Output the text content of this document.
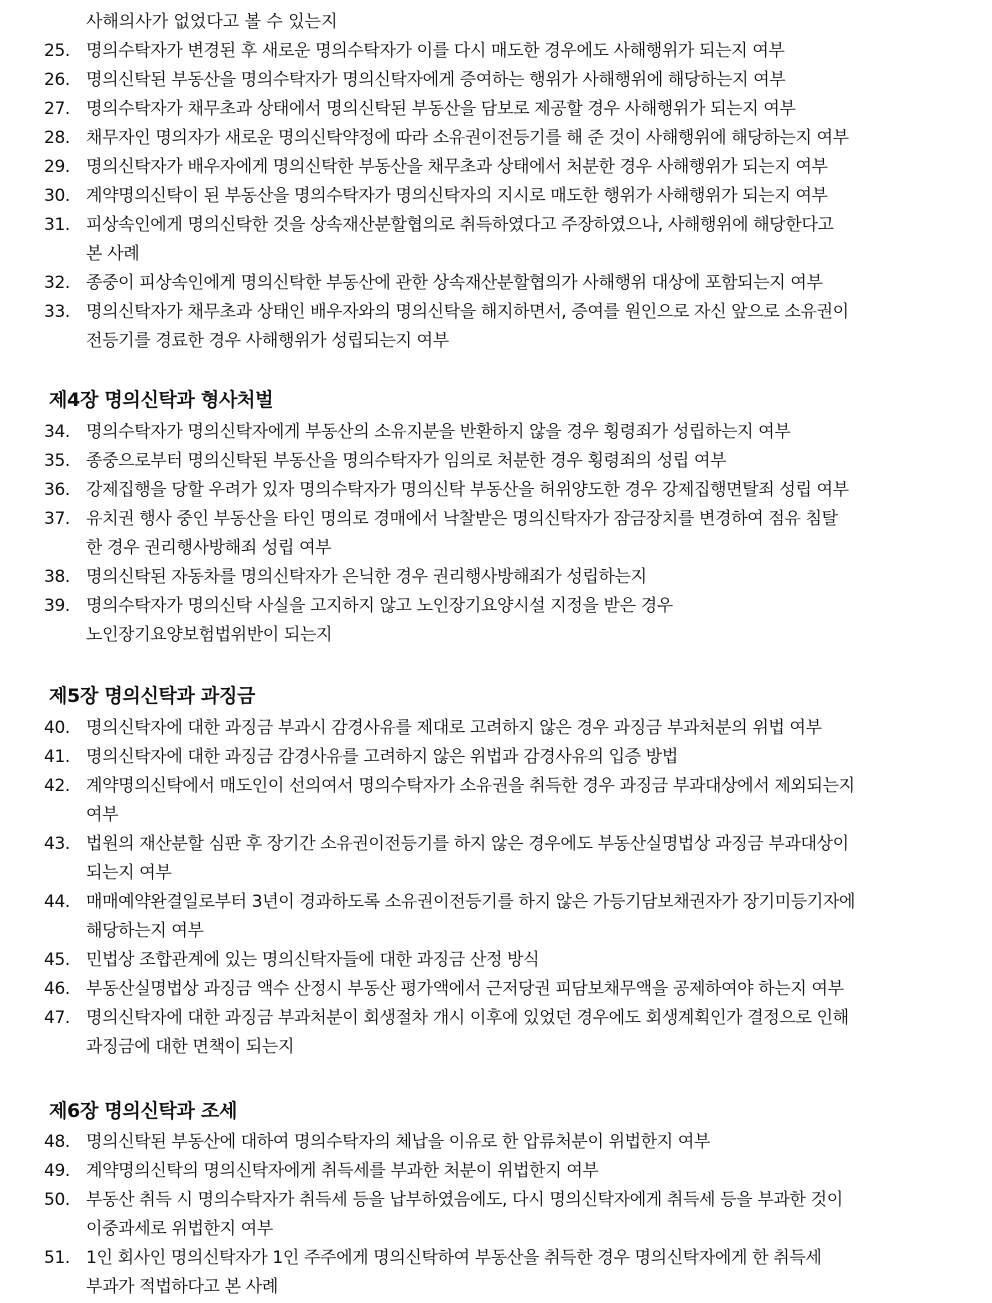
사해의사가 없었다고 볼 수 있는지
25. 명의수탁자가 변경된 후 새로운 명의수탁자가 이를 다시 매도한 경우에도 사해행위가 되는지 여부
26. 명의신탁된 부동산을 명의수탁자가 명의신탁자에게 증여하는 행위가 사해행위에 해당하는지 여부
27. 명의수탁자가 채무초과 상태에서 명의신탁된 부동산을 담보로 제공할 경우 사해행위가 되는지 여부
28. 채무자인 명의자가 새로운 명의신탁약정에 따라 소유권이전등기를 해 준 것이 사해행위에 해당하는지 여부
29. 명의신탁자가 배우자에게 명의신탁한 부동산을 채무초과 상태에서 처분한 경우 사해행위가 되는지 여부
30. 계약명의신탁이 된 부동산을 명의수탁자가 명의신탁자의 지시로 매도한 행위가 사해행위가 되는지 여부
31. 피상속인에게 명의신탁한 것을 상속재산분할협의로 취득하였다고 주장하였으나, 사해행위에 해당한다고
본 사례
32. 종중이 피상속인에게 명의신탁한 부동산에 관한 상속재산분할협의가 사해행위 대상에 포함되는지 여부
33. 명의신탁자가 채무초과 상태인 배우자와의 명의신탁을 해지하면서, 증여를 원인으로 자신 앞으로 소유권이
전등기를 경료한 경우 사해행위가 성립되는지 여부
제4장 명의신탁과 형사처벌
34. 명의수탁자가 명의신탁자에게 부동산의 소유지분을 반환하지 않을 경우 횡령죄가 성립하는지 여부
35. 종중으로부터 명의신탁된 부동산을 명의수탁자가 임의로 처분한 경우 횡령죄의 성립 여부
36. 강제집행을 당할 우려가 있자 명의수탁자가 명의신탁 부동산을 허위양도한 경우 강제집행면탈죄 성립 여부
37. 유치권 행사 중인 부동산을 타인 명의로 경매에서 낙찰받은 명의신탁자가 잠금장치를 변경하여 점유 침탈
한 경우 권리행사방해죄 성립 여부
38. 명의신탁된 자동차를 명의신탁자가 은닉한 경우 권리행사방해죄가 성립하는지
39. 명의수탁자가 명의신탁 사실을 고지하지 않고 노인장기요양시설 지정을 받은 경우
노인장기요양보험법위반이 되는지
제5장 명의신탁과 과징금
40. 명의신탁자에 대한 과징금 부과시 감경사유를 제대로 고려하지 않은 경우 과징금 부과처분의 위법 여부
41. 명의신탁자에 대한 과징금 감경사유를 고려하지 않은 위법과 감경사유의 입증 방법
42. 계약명의신탁에서 매도인이 선의여서 명의수탁자가 소유권을 취득한 경우 과징금 부과대상에서 제외되는지
여부
43. 법원의 재산분할 심판 후 장기간 소유권이전등기를 하지 않은 경우에도 부동산실명법상 과징금 부과대상이
되는지 여부
44. 매매예약완결일로부터 3년이 경과하도록 소유권이전등기를 하지 않은 가등기담보채권자가 장기미등기자에
해당하는지 여부
45. 민법상 조합관계에 있는 명의신탁자들에 대한 과징금 산정 방식
46. 부동산실명법상 과징금 액수 산정시 부동산 평가액에서 근저당권 피담보채무액을 공제하여야 하는지 여부
47. 명의신탁자에 대한 과징금 부과처분이 회생절차 개시 이후에 있었던 경우에도 회생계획인가 결정으로 인해
과징금에 대한 면책이 되는지
제6장 명의신탁과 조세
48. 명의신탁된 부동산에 대하여 명의수탁자의 체납을 이유로 한 압류처분이 위법한지 여부
49. 계약명의신탁의 명의신탁자에게 취득세를 부과한 처분이 위법한지 여부
50. 부동산 취득 시 명의수탁자가 취득세 등을 납부하였음에도, 다시 명의신탁자에게 취득세 등을 부과한 것이
이중과세로 위법한지 여부
51. 1인 회사인 명의신탁자가 1인 주주에게 명의신탁하여 부동산을 취득한 경우 명의신탁자에게 한 취득세
부과가 적법하다고 본 사례
